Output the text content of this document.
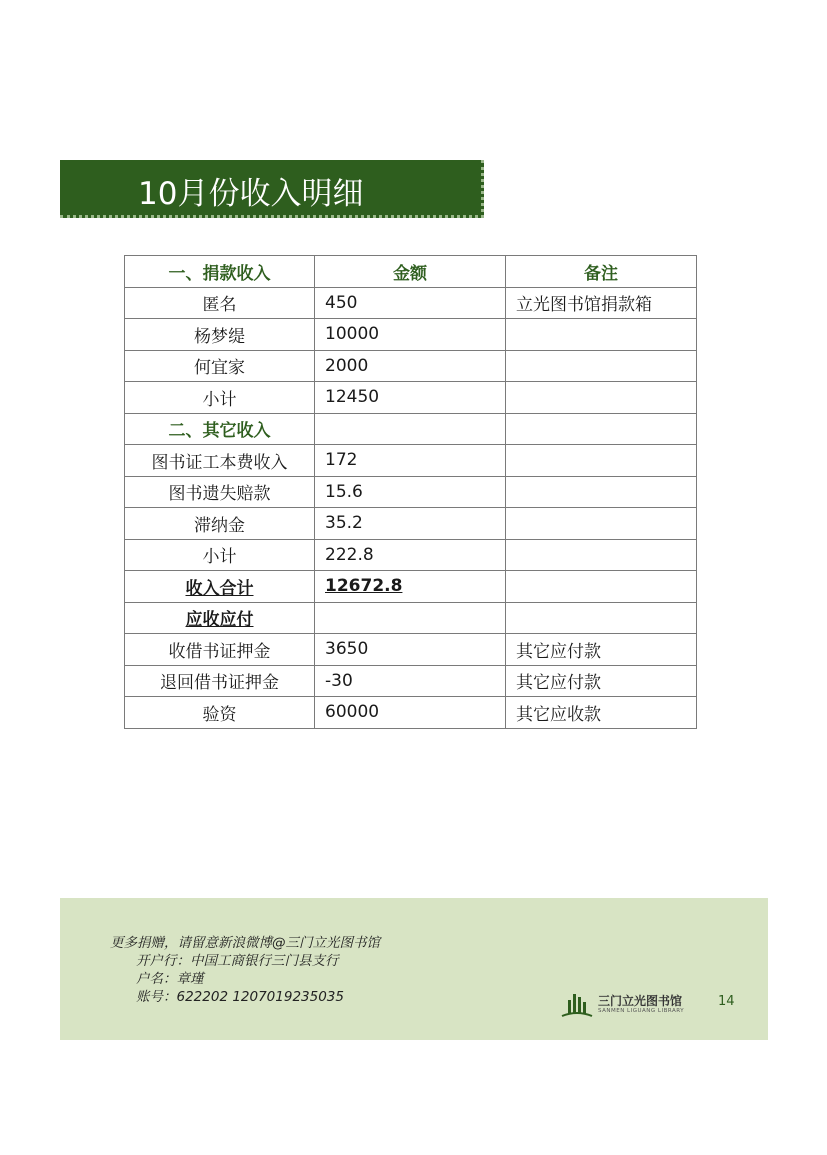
10月份收入明细
一、捐款收入	金额	备注
匿名	450	立光图书馆捐款箱
杨梦缇	10000	
何宜家	2000	
小计	12450	
二、其它收入		
图书证工本费收入	172	
图书遗失赔款	15.6	
滞纳金	35.2	
小计	222.8	
收入合计	12672.8	
应收应付		
收借书证押金	3650	其它应付款
退回借书证押金	-30	其它应付款
验资	60000	其它应收款
更多捐赠，请留意新浪微博@三门立光图书馆
开户行：中国工商银行三门县支行
户名：章瑾
账号：622202 1207019235035	三门立光图书馆
SANMEN LIGUANG LIBRARY
14
